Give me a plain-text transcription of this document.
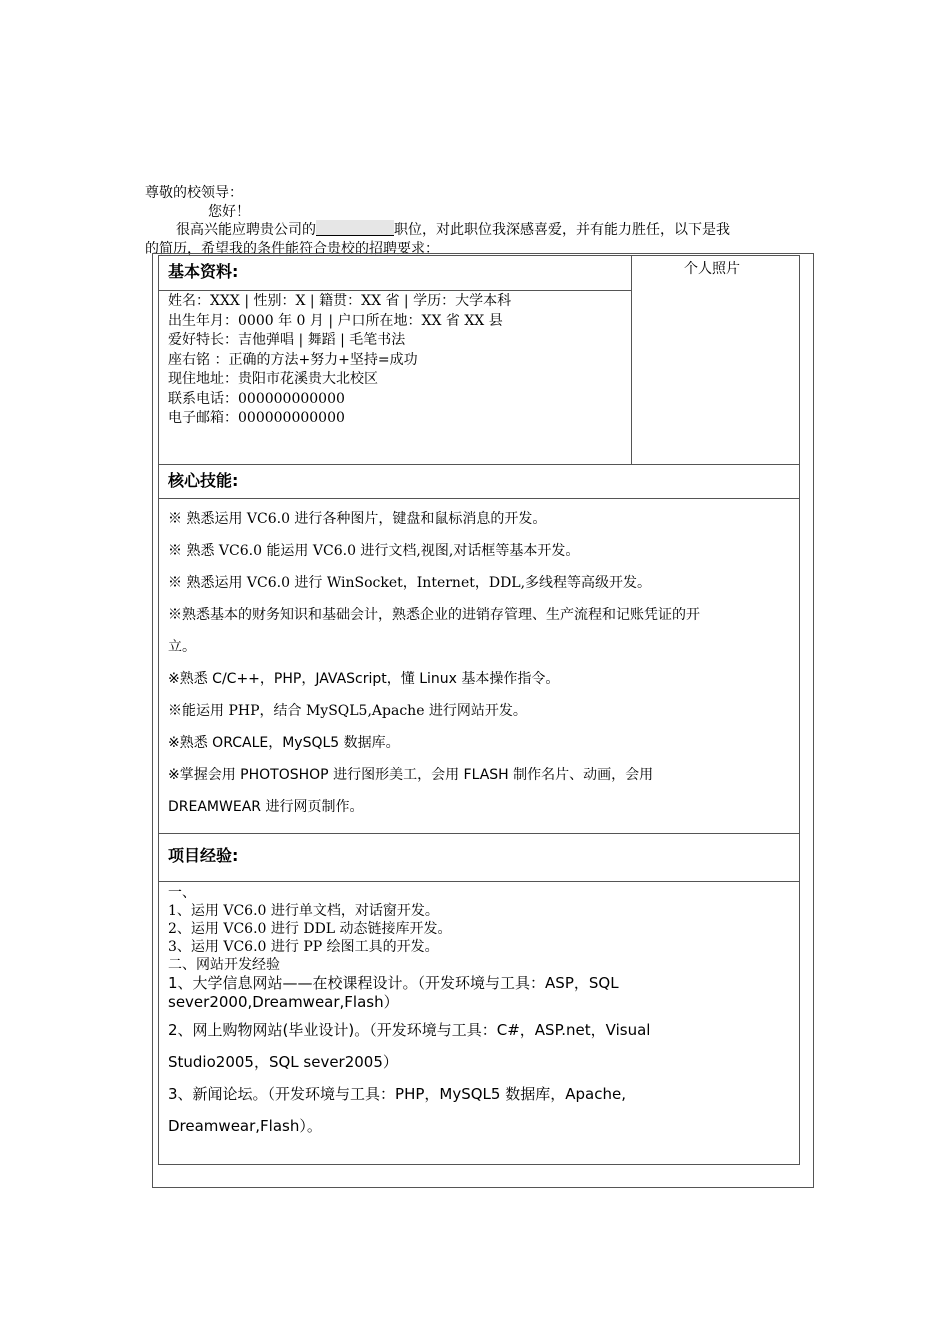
尊敬的校领导：
您好！
很高兴能应聘贵公司的	职位，对此职位我深感喜爱，并有能力胜任，以下是我
的简历，希望我的条件能符合贵校的招聘要求：
基本资料:	个人照片
姓名：XXX | 性别：X | 籍贯：XX 省 | 学历：大学本科
出生年月：0000 年 0 月 | 户口所在地：XX 省 XX 县
爱好特长：吉他弹唱 | 舞蹈 | 毛笔书法
座右铭 ：正确的方法+努力+坚持=成功
现住地址：贵阳市花溪贵大北校区
联系电话：000000000000
电子邮箱：000000000000
核心技能:
※ 熟悉运用 VC6.0 进行各种图片，键盘和鼠标消息的开发。
※ 熟悉 VC6.0 能运用 VC6.0 进行文档,视图,对话框等基本开发。
※ 熟悉运用 VC6.0 进行 WinSocket，Internet，DDL,多线程等高级开发。
※熟悉基本的财务知识和基础会计，熟悉企业的进销存管理、生产流程和记账凭证的开
立。
※熟悉 C/C++，PHP，JAVAScript，懂 Linux 基本操作指令。
※能运用 PHP，结合 MySQL5,Apache 进行网站开发。
※熟悉 ORCALE，MySQL5 数据库。
※掌握会用 PHOTOSHOP 进行图形美工，会用 FLASH 制作名片、动画，会用
DREAMWEAR 进行网页制作。
项目经验:
一、
1、运用 VC6.0 进行单文档，对话窗开发。
2、运用 VC6.0 进行 DDL 动态链接库开发。
3、运用 VC6.0 进行 PP 绘图工具的开发。
二、网站开发经验
1、大学信息网站——在校课程设计。（开发环境与工具：ASP，SQL
sever2000,Dreamwear,Flash）
2、网上购物网站(毕业设计)。（开发环境与工具：C#，ASP.net，Visual
Studio2005，SQL sever2005）
3、新闻论坛。（开发环境与工具：PHP，MySQL5 数据库，Apache,
Dreamwear,Flash）。
